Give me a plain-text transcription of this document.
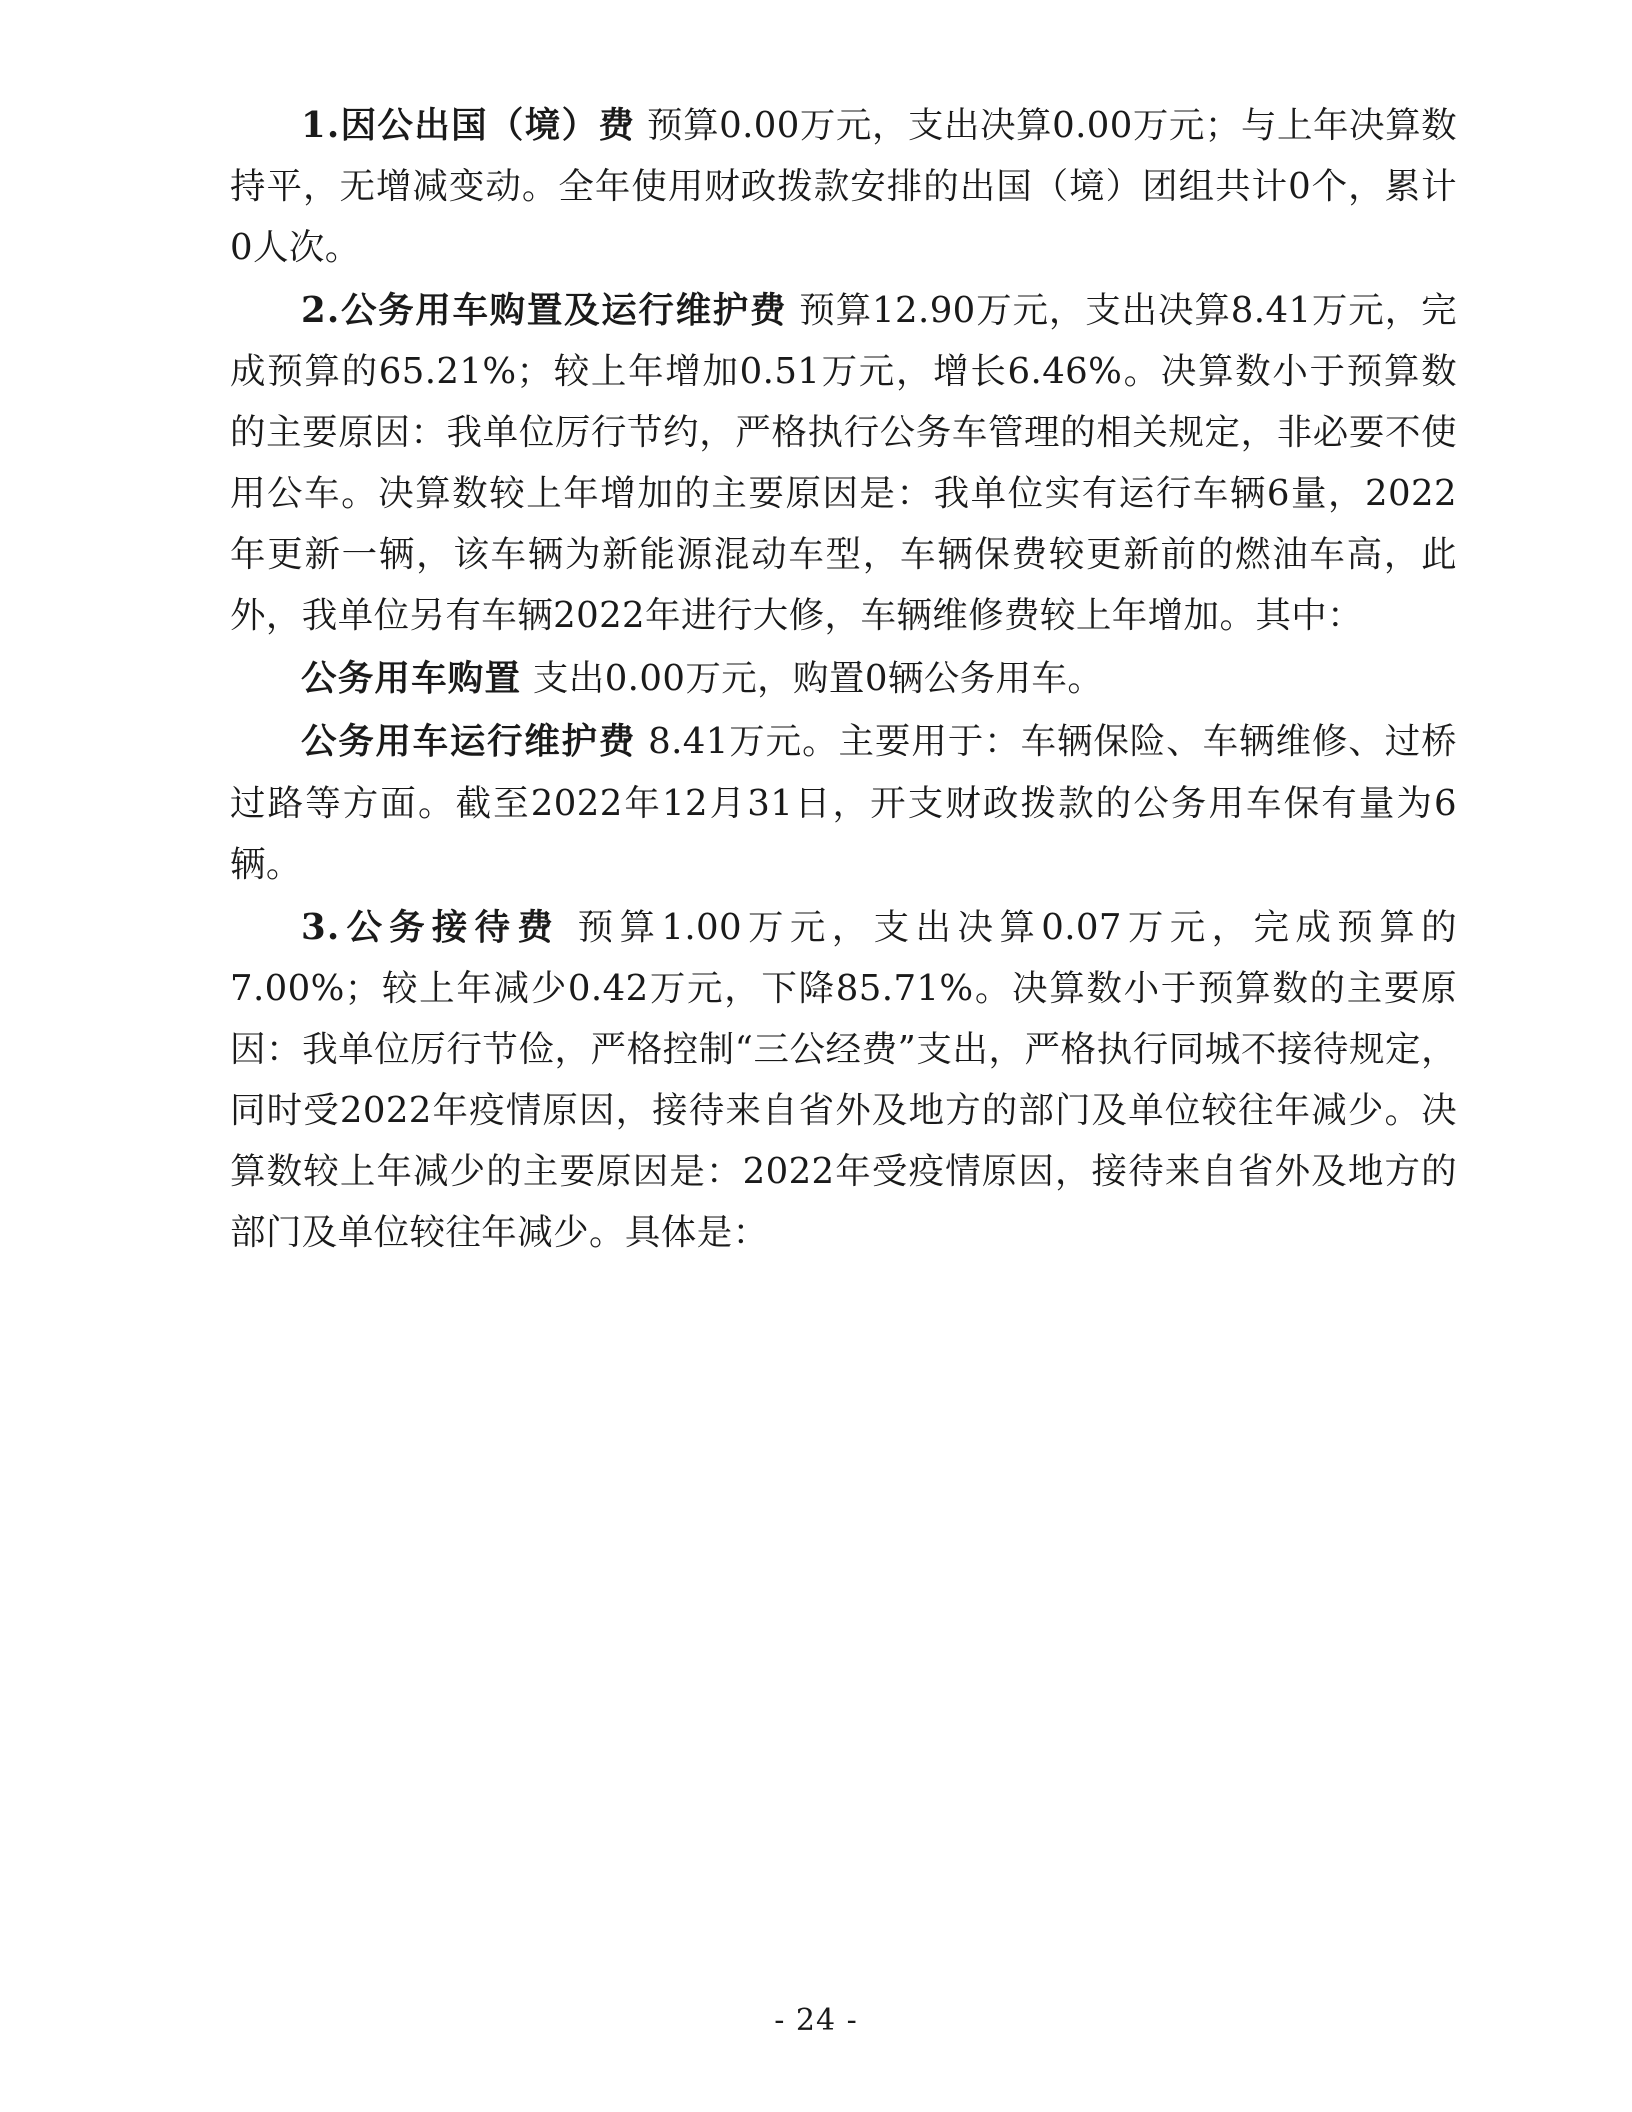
1.因公出国（境）费 预算0.00万元，支出决算0.00万元；与上年决算数持平，无增减变动。全年使用财政拨款安排的出国（境）团组共计0个，累计0人次。

2.公务用车购置及运行维护费 预算12.90万元，支出决算8.41万元，完成预算的65.21%；较上年增加0.51万元，增长6.46%。决算数小于预算数的主要原因：我单位厉行节约，严格执行公务车管理的相关规定，非必要不使用公车。决算数较上年增加的主要原因是：我单位实有运行车辆6量，2022年更新一辆，该车辆为新能源混动车型，车辆保费较更新前的燃油车高，此外，我单位另有车辆2022年进行大修，车辆维修费较上年增加。其中：

公务用车购置 支出0.00万元，购置0辆公务用车。

公务用车运行维护费 8.41万元。主要用于：车辆保险、车辆维修、过桥过路等方面。截至2022年12月31日，开支财政拨款的公务用车保有量为6辆。

3.公务接待费 预算1.00万元，支出决算0.07万元，完成预算的7.00%；较上年减少0.42万元，下降85.71%。决算数小于预算数的主要原因：我单位厉行节俭，严格控制“三公经费”支出，严格执行同城不接待规定，同时受2022年疫情原因，接待来自省外及地方的部门及单位较往年减少。决算数较上年减少的主要原因是：2022年受疫情原因，接待来自省外及地方的部门及单位较往年减少。具体是：

- 24 -
